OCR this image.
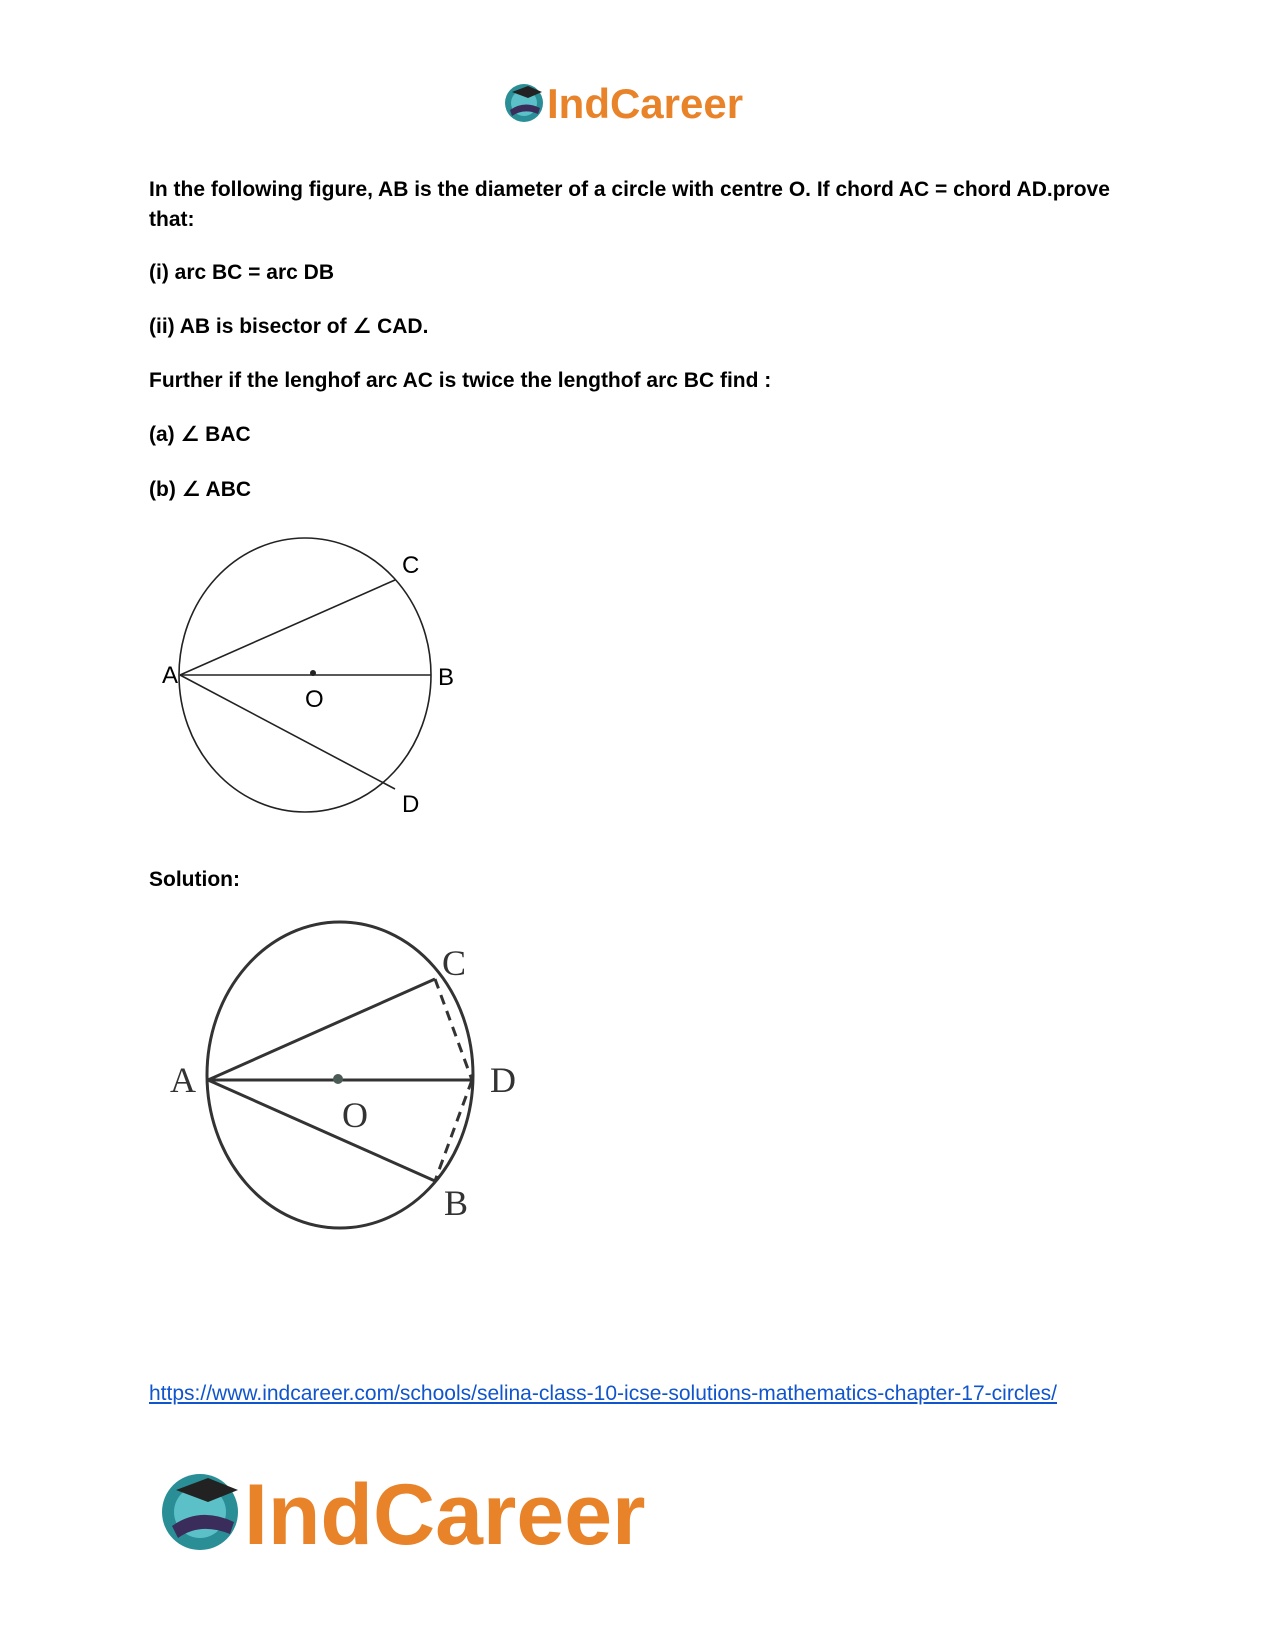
IndCareer

In the following figure, AB is the diameter of a circle with centre O. If chord AC = chord AD.prove that:

(i) arc BC = arc DB

(ii) AB is bisector of ∠ CAD.

Further if the lenghof arc AC is twice the lengthof arc BC find :

(a) ∠ BAC

(b) ∠ ABC

A	B
C
D
O

Solution:

A
B
C
D
O
https://www.indcareer.com/schools/selina-class-10-icse-solutions-mathematics-chapter-17-circles/
IndCareer
